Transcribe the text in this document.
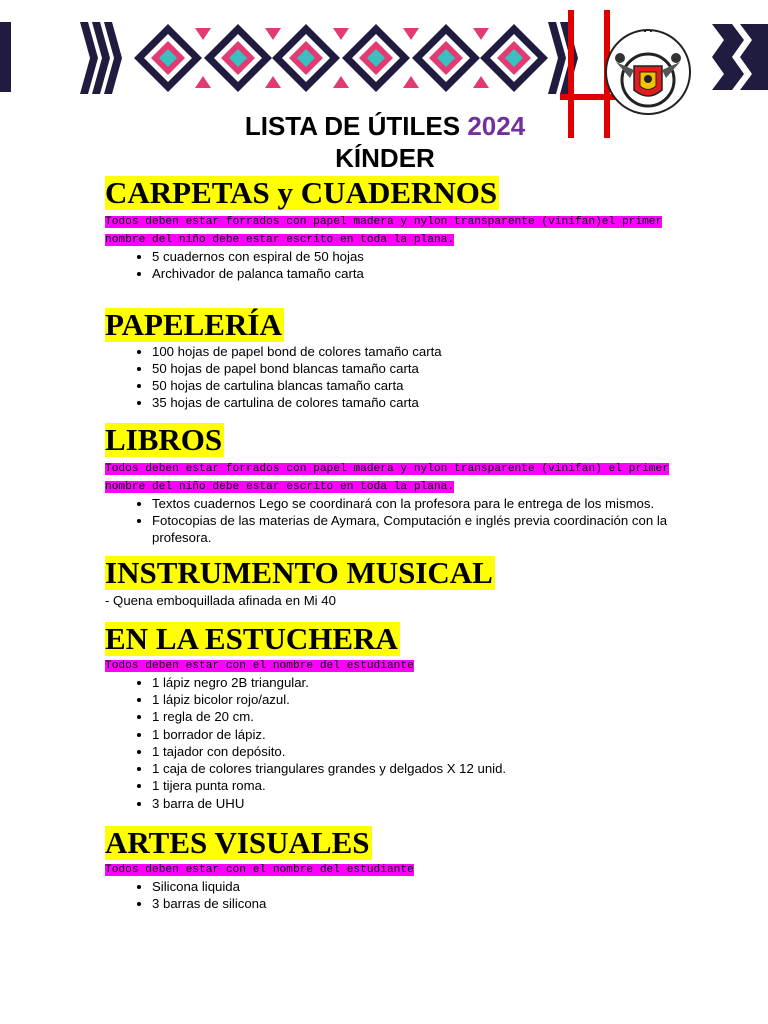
LISTA DE ÚTILES 2024

KÍNDER

CARPETAS y CUADERNOS
Todos deben estar forrados con papel madera y nylon transparente (vinifan)el primer nombre del niño debe estar escrito en toda la plana.
• 5 cuadernos con espiral de 50 hojas
• Archivador de palanca tamaño carta
PAPELERÍA
• 100 hojas de papel bond de colores tamaño carta
• 50 hojas de papel bond blancas tamaño carta
• 50 hojas de cartulina blancas tamaño carta
• 35 hojas de cartulina de colores tamaño carta
LIBROS
Todos deben estar forrados con papel madera y nylon transparente (vinifan) el primer nombre del niño debe estar escrito en toda la plana.
• Textos cuadernos Lego se coordinará con la profesora para le entrega de los mismos.
• Fotocopias de las materias de Aymara, Computación e inglés previa coordinación con la profesora.
INSTRUMENTO MUSICAL

- Quena emboquillada afinada en Mi 40

EN LA ESTUCHERA
Todos deben estar con el nombre del estudiante
• 1 lápiz negro 2B triangular.
• 1 lápiz bicolor rojo/azul.
• 1 regla de 20 cm.
• 1 borrador de lápiz.
• 1 tajador con depósito.
• 1 caja de colores triangulares grandes y delgados X 12 unid.
• 1 tijera punta roma.
• 3 barra de UHU
ARTES VISUALES
Todos deben estar con el nombre del estudiante
• Silicona liquida
• 3 barras de silicona
